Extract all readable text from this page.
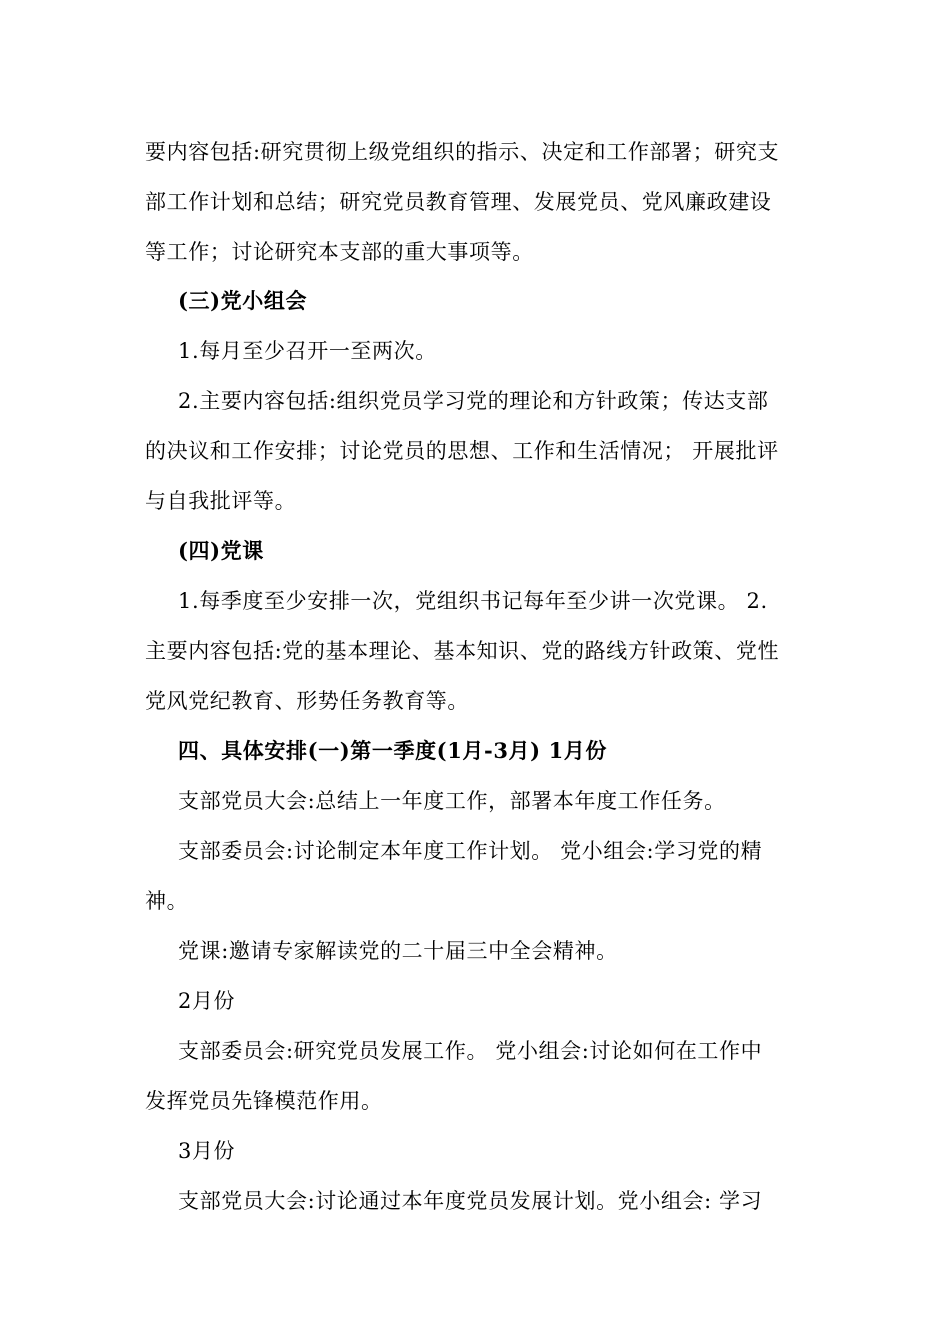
要内容包括:研究贯彻上级党组织的指示、决定和工作部署；研究支
部工作计划和总结；研究党员教育管理、发展党员、党风廉政建设
等工作；讨论研究本支部的重大事项等。
(三)党小组会
1.每月至少召开一至两次。
2.主要内容包括:组织党员学习党的理论和方针政策；传达支部
的决议和工作安排；讨论党员的思想、工作和生活情况； 开展批评
与自我批评等。
(四)党课
1.每季度至少安排一次，党组织书记每年至少讲一次党课。 2.
主要内容包括:党的基本理论、基本知识、党的路线方针政策、党性
党风党纪教育、形势任务教育等。
四、具体安排(一)第一季度(1月-3月) 1月份
支部党员大会:总结上一年度工作，部署本年度工作任务。
支部委员会:讨论制定本年度工作计划。 党小组会:学习党的精
神。
党课:邀请专家解读党的二十届三中全会精神。
2月份
支部委员会:研究党员发展工作。 党小组会:讨论如何在工作中
发挥党员先锋模范作用。
3月份
支部党员大会:讨论通过本年度党员发展计划。党小组会: 学习
